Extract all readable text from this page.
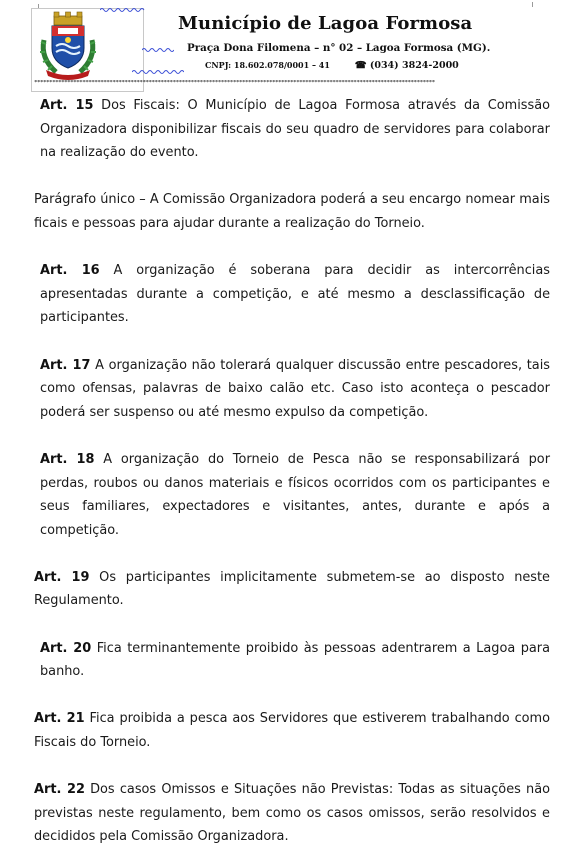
Município de Lagoa Formosa
Praça Dona Filomena – n° 02 – Lagoa Formosa (MG).
CNPJ: 18.602.078/0001 – 41	☎ (034) 3824-2000
*************************************************************************************************************************************

Art. 15 Dos Fiscais: O Município de Lagoa Formosa através da Comissão Organizadora disponibilizar fiscais do seu quadro de servidores para colaborar na realização do evento.

Parágrafo único – A Comissão Organizadora poderá a seu encargo nomear mais ficais e pessoas para ajudar durante a realização do Torneio.

Art. 16 A organização é soberana para decidir as intercorrências apresentadas durante a competição, e até mesmo a desclassificação de participantes.

Art. 17 A organização não tolerará qualquer discussão entre pescadores, tais como ofensas, palavras de baixo calão etc. Caso isto aconteça o pescador poderá ser suspenso ou até mesmo expulso da competição.

Art. 18 A organização do Torneio de Pesca não se responsabilizará por perdas, roubos ou danos materiais e físicos ocorridos com os participantes e seus familiares, expectadores e visitantes, antes, durante e após a competição.

Art. 19 Os participantes implicitamente submetem-se ao disposto neste Regulamento.

Art. 20 Fica terminantemente proibido às pessoas adentrarem a Lagoa para banho.

Art. 21 Fica proibida a pesca aos Servidores que estiverem trabalhando como Fiscais do Torneio.

Art. 22 Dos casos Omissos e Situações não Previstas: Todas as situações não previstas neste regulamento, bem como os casos omissos, serão resolvidos e decididos pela Comissão Organizadora.
